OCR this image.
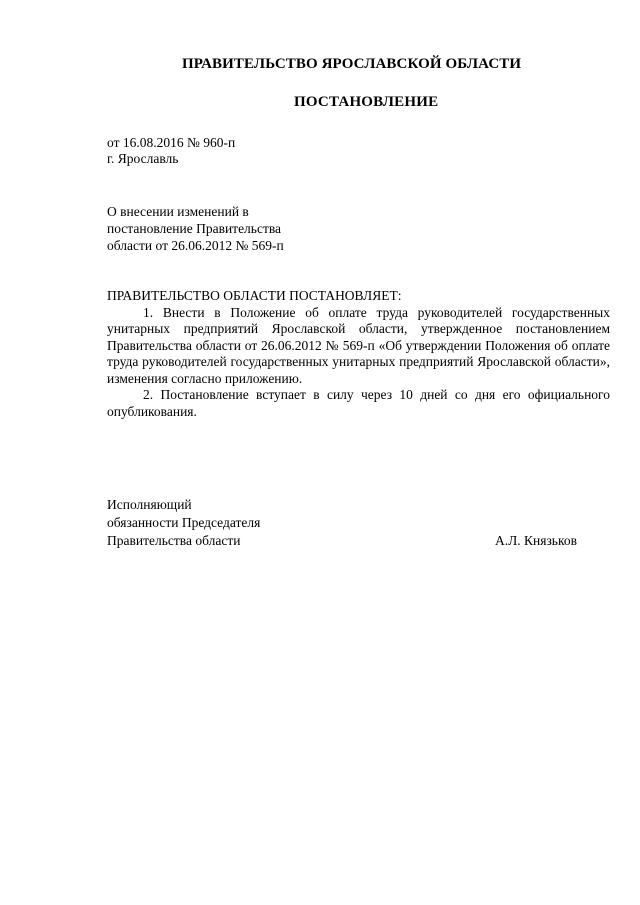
ПРАВИТЕЛЬСТВО ЯРОСЛАВСКОЙ ОБЛАСТИ
ПОСТАНОВЛЕНИЕ
от 16.08.2016 № 960-п
г. Ярославль
О внесении изменений в
постановление Правительства
области от 26.06.2012 № 569-п

ПРАВИТЕЛЬСТВО ОБЛАСТИ ПОСТАНОВЛЯЕТ:

1. Внести в Положение об оплате труда руководителей государственных унитарных предприятий Ярославской области, утвержденное постановлением Правительства области от 26.06.2012 № 569-п «Об утверждении Положения об оплате труда руководителей государственных унитарных предприятий Ярославской области», изменения согласно приложению.

2. Постановление вступает в силу через 10 дней со дня его официального опубликования.

Исполняющий
обязанности Председателя
Правительства области	А.Л. Князьков
